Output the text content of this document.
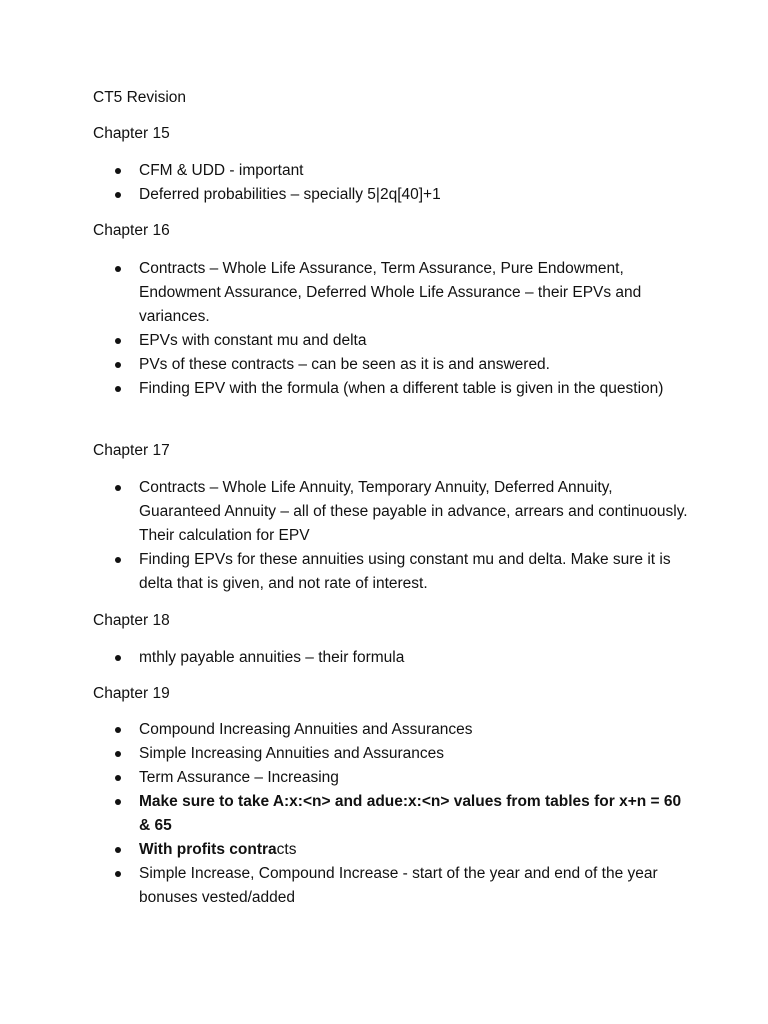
CT5 Revision
Chapter 15
CFM & UDD - important
Deferred probabilities – specially 5|2q[40]+1
Chapter 16
Contracts – Whole Life Assurance, Term Assurance, Pure Endowment, Endowment Assurance, Deferred Whole Life Assurance – their EPVs and variances.
EPVs with constant mu and delta
PVs of these contracts – can be seen as it is and answered.
Finding EPV with the formula (when a different table is given in the question)
Chapter 17
Contracts – Whole Life Annuity, Temporary Annuity, Deferred Annuity, Guaranteed Annuity – all of these payable in advance, arrears and continuously. Their calculation for EPV
Finding EPVs for these annuities using constant mu and delta. Make sure it is delta that is given, and not rate of interest.
Chapter 18
mthly payable annuities – their formula
Chapter 19
Compound Increasing Annuities and Assurances
Simple Increasing Annuities and Assurances
Term Assurance – Increasing
Make sure to take A:x:<n> and adue:x:<n> values from tables for x+n = 60 & 65
With profits contracts
Simple Increase, Compound Increase - start of the year and end of the year bonuses vested/added
